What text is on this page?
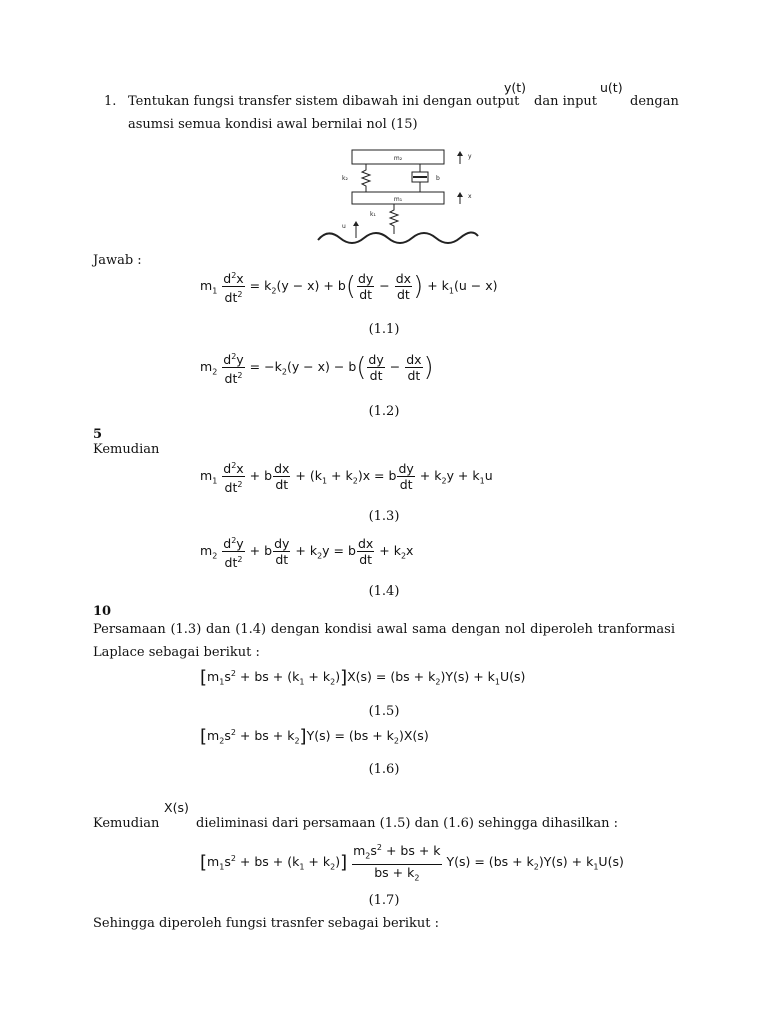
1. Tentukan fungsi transfer sistem dibawah ini dengan output
y(t)
dan input
u(t)
dengan
asumsi semua kondisi awal bernilai nol (15)
m₂
m₁
k₂	b
y
x
k₁
u
Jawab :
$m_1 \frac{d^2x}{dt^2} = k_2(y - x) + b( \frac{dy}{dt} - \frac{dx}{dt}$ ) + $k_1(u - x)$
(1.1)
$m_2 \frac{d^2y}{dt^2} = -k_2(y - x) - b( \frac{dy}{dt} - \frac{dx}{dt}$ )
(1.2)
5
Kemudian
$m_1 \frac{d^2x}{dt^2} + b \frac{dx}{dt} + (k_1 + k_2)x = b \frac{dy}{dt} + k_2y + k_1u$
(1.3)
$m_2 \frac{d^2y}{dt^2} + b \frac{dy}{dt} + k_2y = b \frac{dx}{dt} + k_2x$
(1.4)
10
Persamaan (1.3) dan (1.4) dengan kondisi awal sama dengan nol diperoleh tranformasi
Laplace sebagai berikut :
[$m_1s^2$ + bs + $(k_1 + k_2)]X(s) = (bs + k_2)Y(s) + k_1U(s)$
(1.5)
[$m_2s^2$ + bs + $k_2]Y(s) = (bs + k_2)X(s)$
(1.6)
X(s)
Kemudian	dieliminasi dari persamaan (1.5) dan (1.6) sehingga dihasilkan :
[$m_1s^2$ + bs + $(k_1 + k_2)] \frac{m_2s^2 + bs + k}{bs + k_2} Y(s) = (bs + k_2)Y(s) + k_1U(s)$
(1.7)
Sehingga diperoleh fungsi trasnfer sebagai berikut :
